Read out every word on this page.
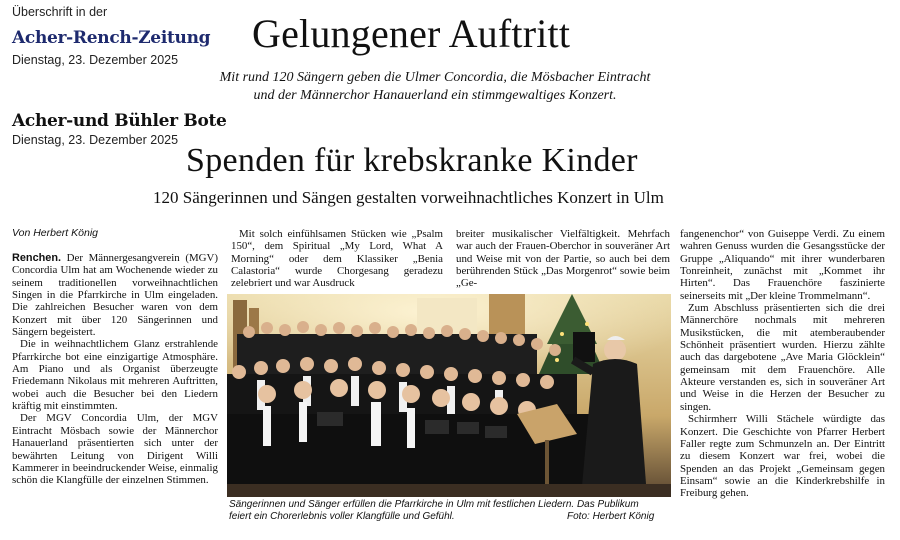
Überschrift in der
Acher-Rench-Zeitung
Dienstag, 23. Dezember 2025
Acher-und Bühler Bote
Dienstag, 23. Dezember 2025
Gelungener Auftritt
Mit rund 120 Sängern geben die Ulmer Concordia, die Mösbacher Eintracht
und der Männerchor Hanauerland ein stimmgewaltiges Konzert.
Spenden für krebskranke Kinder
120 Sängerinnen und Sängen gestalten vorweihnachtliches Konzert in Ulm
Von Herbert König

Renchen. Der Männergesangverein (MGV) Concordia Ulm hat am Wochenende wieder zu seinem traditionellen vorweihnachtlichen Singen in die Pfarrkirche in Ulm eingeladen. Die zahlreichen Besucher waren von dem Konzert mit über 120 Sängerinnen und Sängern begeistert.

Die in weihnachtlichem Glanz erstrahlende Pfarrkirche bot eine einzigartige Atmosphäre. Am Piano und als Organist überzeugte Friedemann Nikolaus mit mehreren Auftritten, wobei auch die Besucher bei den Liedern kräftig mit einstimmten.

Der MGV Concordia Ulm, der MGV Eintracht Mösbach sowie der Männerchor Hanauerland präsentierten sich unter der bewährten Leitung von Dirigent Willi Kammerer in beeindruckender Weise, einmalig schön die Klangfülle der einzelnen Stimmen.

Mit solch einfühlsamen Stücken wie „Psalm 150“, dem Spiritual „My Lord, What A Morning“ oder dem Klassiker „Benia Calastoria“ wurde Chorgesang geradezu zelebriert und war Ausdruck

breiter musikalischer Vielfältigkeit. Mehrfach war auch der Frauen-Oberchor in souveräner Art und Weise mit von der Partie, so auch bei dem berührenden Stück „Das Morgenrot“ sowie beim „Ge-

fangenenchor“ von Guiseppe Verdi. Zu einem wahren Genuss wurden die Gesangsstücke der Gruppe „Aliquando“ mit ihrer wunderbaren Tonreinheit, zunächst mit „Kommet ihr Hirten“. Das Frauenchöre faszinierte seinerseits mit „Der kleine Trommelmann“.

Zum Abschluss präsentierten sich die drei Männerchöre nochmals mit mehreren Musikstücken, die mit atemberaubender Schönheit präsentiert wurden. Hierzu zählte auch das dargebotene „Ave Maria Glöcklein“ gemeinsam mit dem Frauenchöre. Alle Akteure verstanden es, sich in souveräner Art und Weise in die Herzen der Besucher zu singen.

Schirmherr Willi Stächele würdigte das Konzert. Die Geschichte von Pfarrer Herbert Faller regte zum Schmunzeln an. Der Eintritt zu diesem Konzert war frei, wobei die Spenden an das Projekt „Gemeinsam gegen Einsam“ sowie an die Kinderkrebshilfe in Freiburg gehen.

Sängerinnen und Sänger erfüllen die Pfarrkirche in Ulm mit festlichen Liedern. Das Publikum
feiert ein Chorerlebnis voller Klangfülle und Gefühl.	Foto: Herbert König
